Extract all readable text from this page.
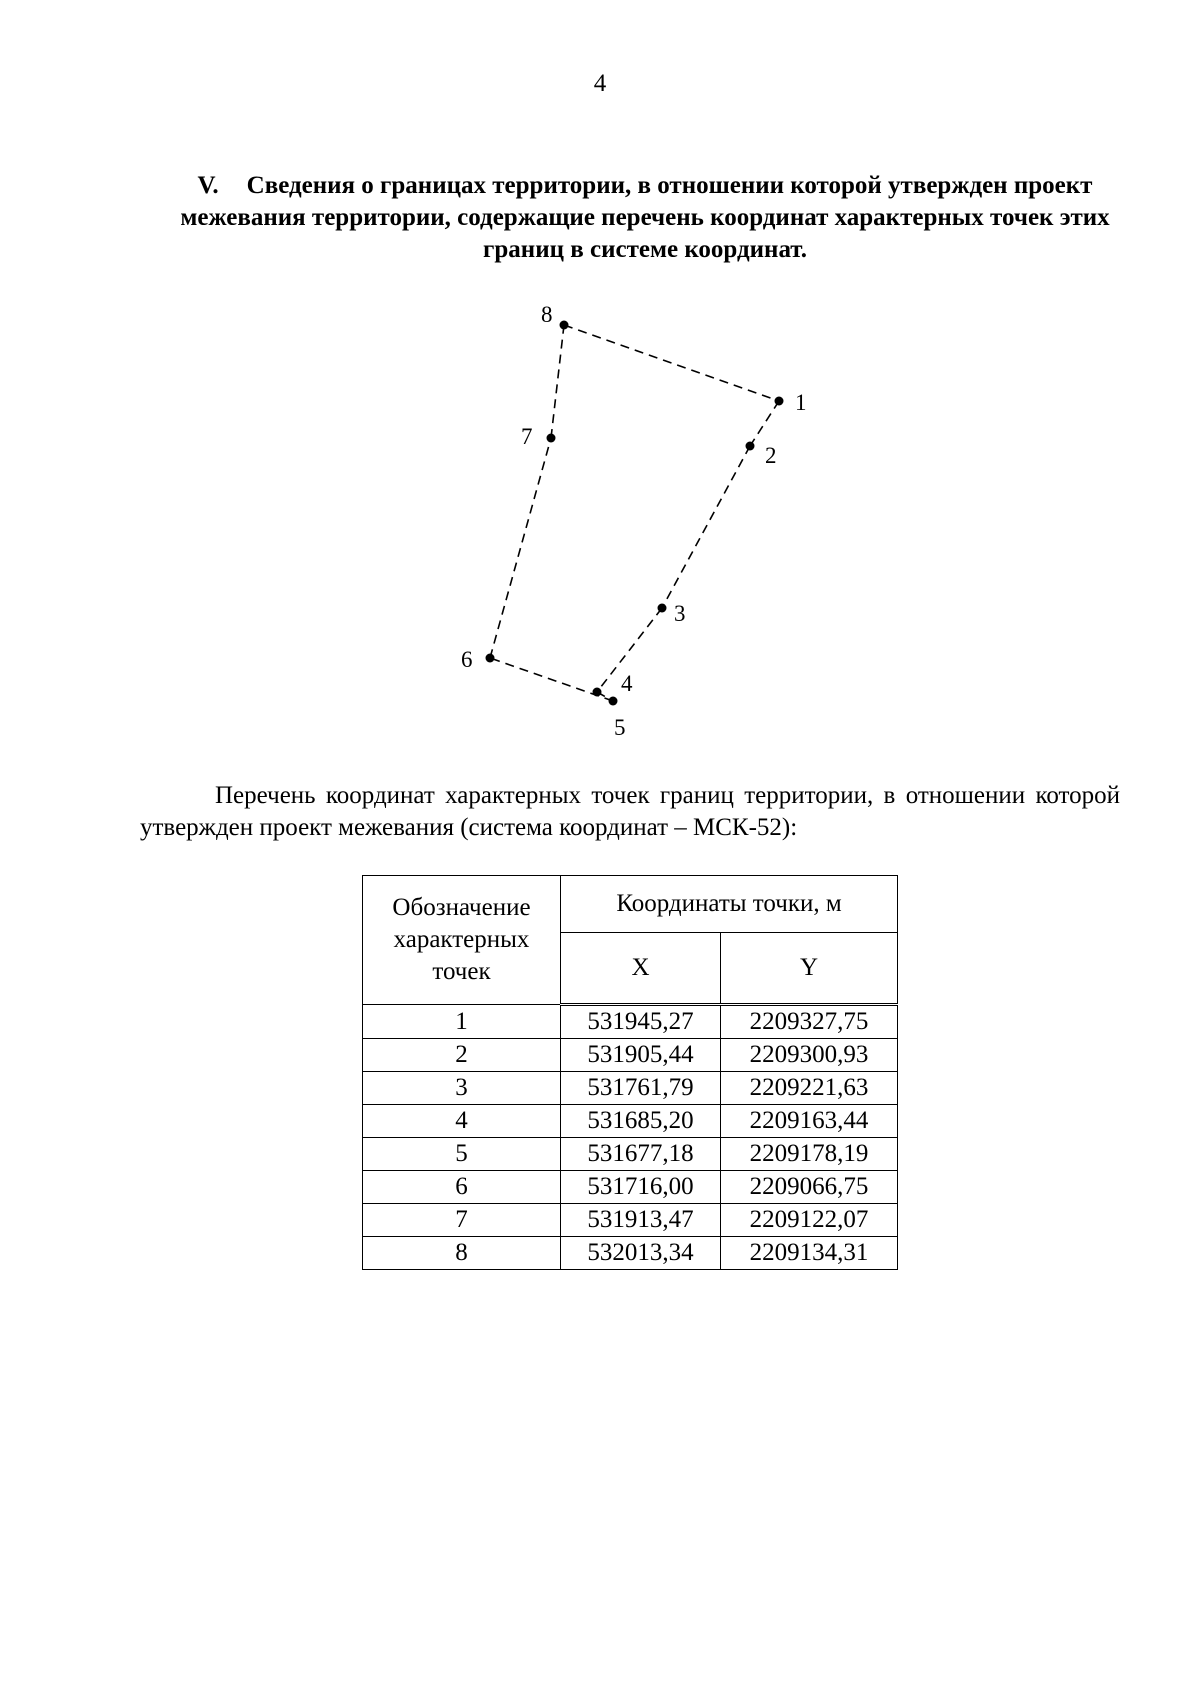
4
V. Сведения о границах территории, в отношении которой утвержден проект межевания территории, содержащие перечень координат характерных точек этих границ в системе координат.
1
2
3
4
5
6
7
8
Перечень координат характерных точек границ территории, в отношении которой утвержден проект межевания (система координат – МСК-52):
Обозначение характерных точек	Координаты точки, м	
	X	Y
1	531945,27	2209327,75
2	531905,44	2209300,93
3	531761,79	2209221,63
4	531685,20	2209163,44
5	531677,18	2209178,19
6	531716,00	2209066,75
7	531913,47	2209122,07
8	532013,34	2209134,31
